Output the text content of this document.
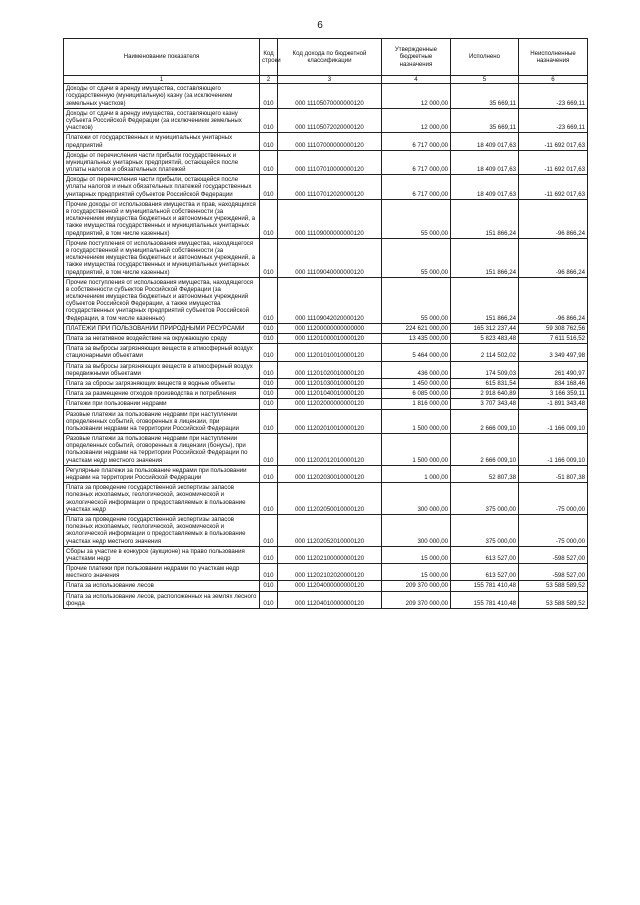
6
Наименование показателя	Код строки	Код дохода по бюджетной классификации	Утвержденные бюджетные назначения	Исполнено	Неисполненные назначения
1	2	3	4	5	6
Доходы от сдачи в аренду имущества, составляющего государственную (муниципальную) казну (за исключением земельных участков)	010	000 11105070000000120	12 000,00	35 669,11	-23 669,11
Доходы от сдачи в аренду имущества, составляющего казну субъекта Российской Федерации (за исключением земельных участков)	010	000 11105072020000120	12 000,00	35 669,11	-23 669,11
Платежи от государственных и муниципальных унитарных предприятий	010	000 11107000000000120	6 717 000,00	18 409 017,63	-11 692 017,63
Доходы от перечисления части прибыли государственных и муниципальных унитарных предприятий, остающейся после уплаты налогов и обязательных платежей	010	000 11107010000000120	6 717 000,00	18 409 017,63	-11 692 017,63
Доходы от перечисления части прибыли, остающейся после уплаты налогов и иных обязательных платежей государственных унитарных предприятий субъектов Российской Федерации	010	000 11107012020000120	6 717 000,00	18 409 017,63	-11 692 017,63
Прочие доходы от использования имущества и прав, находящихся в государственной и муниципальной собственности (за исключением имущества бюджетных и автономных учреждений, а также имущества государственных и муниципальных унитарных предприятий, в том числе казенных)	010	000 11109000000000120	55 000,00	151 866,24	-96 866,24
Прочие поступления от использования имущества, находящегося в государственной и муниципальной собственности (за исключением имущества бюджетных и автономных учреждений, а также имущества государственных и муниципальных унитарных предприятий, в том числе казенных)	010	000 11109040000000120	55 000,00	151 866,24	-96 866,24
Прочие поступления от использования имущества, находящегося в собственности субъектов Российской Федерации (за исключением имущества бюджетных и автономных учреждений субъектов Российской Федерации, а также имущества государственных унитарных предприятий субъектов Российской Федерации, в том числе казенных)	010	000 11109042020000120	55 000,00	151 866,24	-96 866,24
ПЛАТЕЖИ ПРИ ПОЛЬЗОВАНИИ ПРИРОДНЫМИ РЕСУРСАМИ	010	000 11200000000000000	224 621 000,00	165 312 237,44	59 308 762,56
Плата за негативное воздействие на окружающую среду	010	000 11201000010000120	13 435 000,00	5 823 483,48	7 611 516,52
Плата за выбросы загрязняющих веществ в атмосферный воздух стационарными объектами	010	000 11201010010000120	5 464 000,00	2 114 502,02	3 349 497,98
Плата за выбросы загрязняющих веществ в атмосферный воздух передвижными объектами	010	000 11201020010000120	436 000,00	174 509,03	261 490,97
Плата за сбросы загрязняющих веществ в водные объекты	010	000 11201030010000120	1 450 000,00	615 831,54	834 168,46
Плата за размещение отходов производства и потребления	010	000 11201040010000120	6 085 000,00	2 918 640,89	3 166 359,11
Платежи при пользовании недрами	010	000 11202000000000120	1 816 000,00	3 707 343,48	-1 891 343,48
Разовые платежи за пользование недрами при наступлении определенных событий, оговоренных в лицензии, при пользовании недрами на территории Российской Федерации	010	000 11202010010000120	1 500 000,00	2 666 009,10	-1 166 009,10
Разовые платежи за пользование недрами при наступлении определенных событий, оговоренных в лицензии (бонусы), при пользовании недрами на территории Российской Федерации по участкам недр местного значения	010	000 11202012010000120	1 500 000,00	2 666 009,10	-1 166 009,10
Регулярные платежи за пользование недрами при пользовании недрами на территории Российской Федерации	010	000 11202030010000120	1 000,00	52 807,38	-51 807,38
Плата за проведение государственной экспертизы запасов полезных ископаемых, геологической, экономической и экологической информации о предоставляемых в пользование участках недр	010	000 11202050010000120	300 000,00	375 000,00	-75 000,00
Плата за проведение государственной экспертизы запасов полезных ископаемых, геологической, экономической и экологической информации о предоставляемых в пользование участках недр местного значения	010	000 11202052010000120	300 000,00	375 000,00	-75 000,00
Сборы за участие в конкурсе (аукционе) на право пользования участками недр	010	000 11202100000000120	15 000,00	613 527,00	-598 527,00
Прочие платежи при пользовании недрами по участкам недр местного значения	010	000 11202102020000120	15 000,00	613 527,00	-598 527,00
Плата за использование лесов	010	000 11204000000000120	209 370 000,00	155 781 410,48	53 588 589,52
Плата за использование лесов, расположенных на землях лесного фонда	010	000 11204010000000120	209 370 000,00	155 781 410,48	53 588 589,52
